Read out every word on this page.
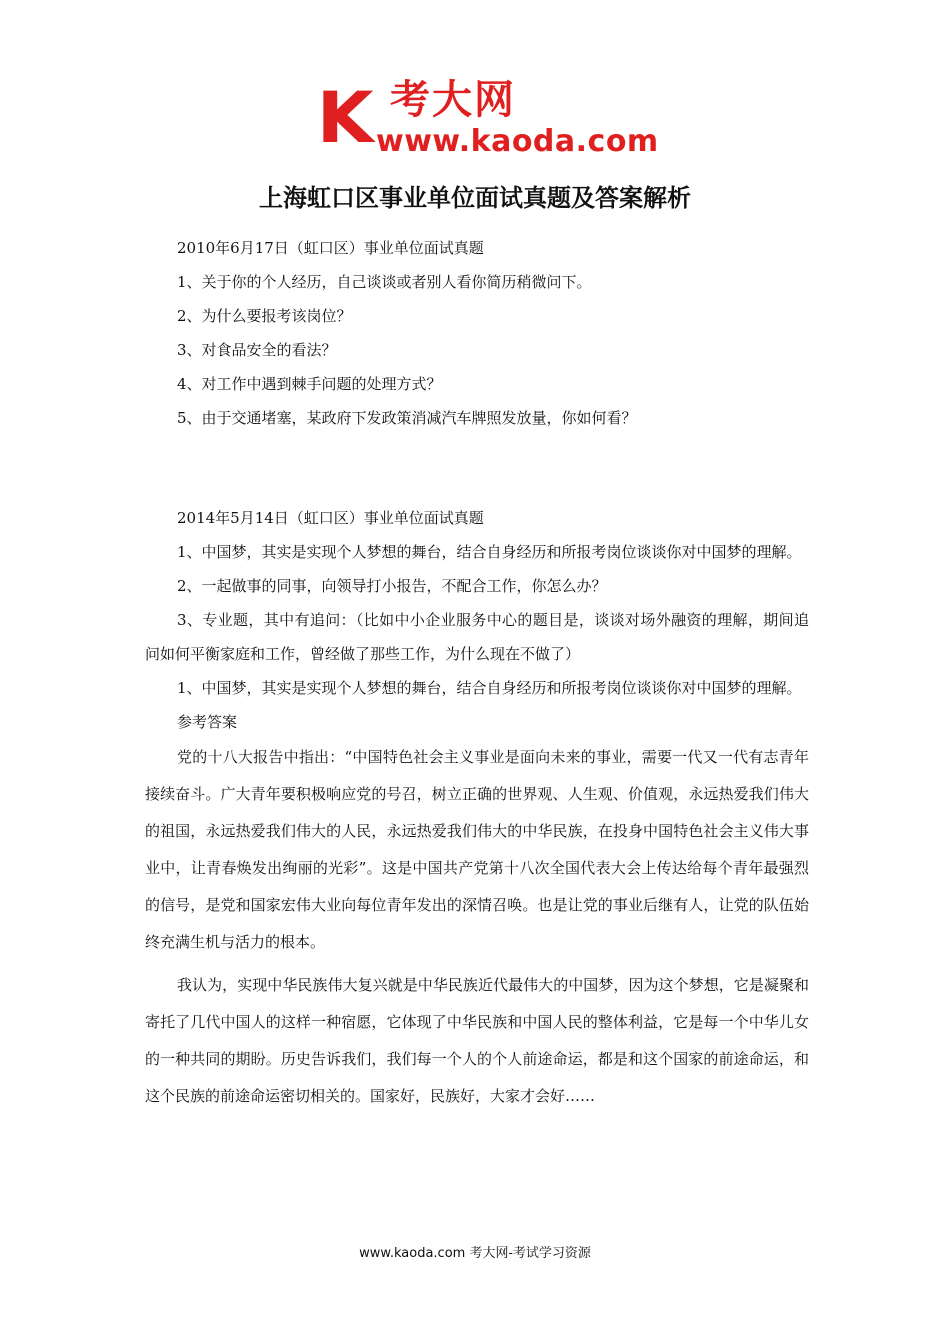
K 考大网
www.kaoda.com
上海虹口区事业单位面试真题及答案解析

2010年6月17日（虹口区）事业单位面试真题

1、关于你的个人经历，自己谈谈或者别人看你简历稍微问下。

2、为什么要报考该岗位？

3、对食品安全的看法？

4、对工作中遇到棘手问题的处理方式？

5、由于交通堵塞，某政府下发政策消减汽车牌照发放量，你如何看？

2014年5月14日（虹口区）事业单位面试真题

1、中国梦，其实是实现个人梦想的舞台，结合自身经历和所报考岗位谈谈你对中国梦的理解。

2、一起做事的同事，向领导打小报告，不配合工作，你怎么办？

3、专业题，其中有追问：（比如中小企业服务中心的题目是，谈谈对场外融资的理解，期间追问如何平衡家庭和工作，曾经做了那些工作，为什么现在不做了）

1、中国梦，其实是实现个人梦想的舞台，结合自身经历和所报考岗位谈谈你对中国梦的理解。

参考答案

党的十八大报告中指出：“中国特色社会主义事业是面向未来的事业，需要一代又一代有志青年接续奋斗。广大青年要积极响应党的号召，树立正确的世界观、人生观、价值观，永远热爱我们伟大的祖国，永远热爱我们伟大的人民，永远热爱我们伟大的中华民族，在投身中国特色社会主义伟大事业中，让青春焕发出绚丽的光彩”。这是中国共产党第十八次全国代表大会上传达给每个青年最强烈的信号，是党和国家宏伟大业向每位青年发出的深情召唤。也是让党的事业后继有人，让党的队伍始终充满生机与活力的根本。

我认为，实现中华民族伟大复兴就是中华民族近代最伟大的中国梦，因为这个梦想，它是凝聚和寄托了几代中国人的这样一种宿愿，它体现了中华民族和中国人民的整体利益，它是每一个中华儿女的一种共同的期盼。历史告诉我们，我们每一个人的个人前途命运，都是和这个国家的前途命运，和这个民族的前途命运密切相关的。国家好，民族好，大家才会好……

www.kaoda.com 考大网-考试学习资源
